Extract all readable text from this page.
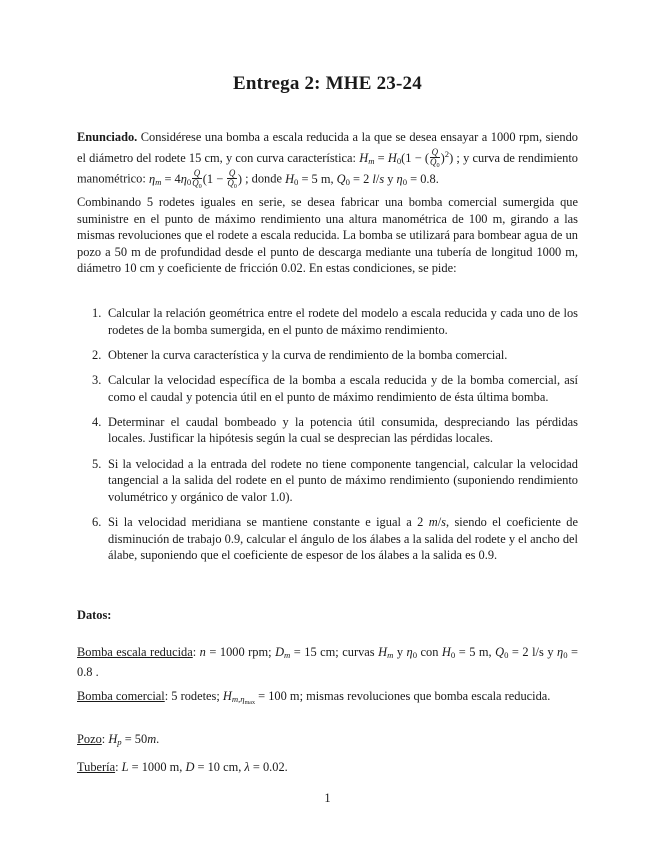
Entrega 2: MHE 23-24
Enunciado. Considérese una bomba a escala reducida a la que se desea ensayar a 1000 rpm, siendo el diámetro del rodete 15 cm, y con curva característica: $H_m = H_0(1$ − ( $\frac{Q}{Q_0} )^2$) ; y curva de rendimiento manométrico: $\eta_m = 4\eta_0 \frac{Q}{Q_0} (1 - \frac{Q}{Q_0}$ ) ; donde $H_0 = 5$ m, $Q_0 = 2$ l/s y $\eta_0 = 0.8$.
Combinando 5 rodetes iguales en serie, se desea fabricar una bomba comercial sumergida que suministre en el punto de máximo rendimiento una altura manométrica de 100 m, girando a las mismas revoluciones que el rodete a escala reducida. La bomba se utilizará para bombear agua de un pozo a 50 m de profundidad desde el punto de descarga mediante una tubería de longitud 1000 m, diámetro 10 cm y coeficiente de fricción 0.02. En estas condiciones, se pide:
1. Calcular la relación geométrica entre el rodete del modelo a escala reducida y cada uno de los rodetes de la bomba sumergida, en el punto de máximo rendimiento.
2. Obtener la curva característica y la curva de rendimiento de la bomba comercial.
3. Calcular la velocidad específica de la bomba a escala reducida y de la bomba comercial, así como el caudal y potencia útil en el punto de máximo rendimiento de ésta última bomba.
4. Determinar el caudal bombeado y la potencia útil consumida, despreciando las pérdidas locales. Justificar la hipótesis según la cual se desprecian las pérdidas locales.
5. Si la velocidad a la entrada del rodete no tiene componente tangencial, calcular la velocidad tangencial a la salida del rodete en el punto de máximo rendimiento (suponiendo rendimiento volumétrico y orgánico de valor 1.0).
6. Si la velocidad meridiana se mantiene constante e igual a 2 m/s, siendo el coeficiente de disminución de trabajo 0.9, calcular el ángulo de los álabes a la salida del rodete y el ancho del álabe, suponiendo que el coeficiente de espesor de los álabes a la salida es 0.9.
Datos:
Bomba escala reducida: n = 1000 rpm; $D_m = 15$ cm; curvas $H_m$ y $\eta_0$ con $H_0 = 5$ m, $Q_0 = 2$ l/s y $\eta_0 = 0.8$ .
Bomba comercial: 5 rodetes; $H_{m,\eta_{max}} = 100$ m; mismas revoluciones que bomba escala reducida.
Pozo: $H_p = 50m$.
Tubería: L = 1000 m, D = 10 cm, λ = 0.02.
1
